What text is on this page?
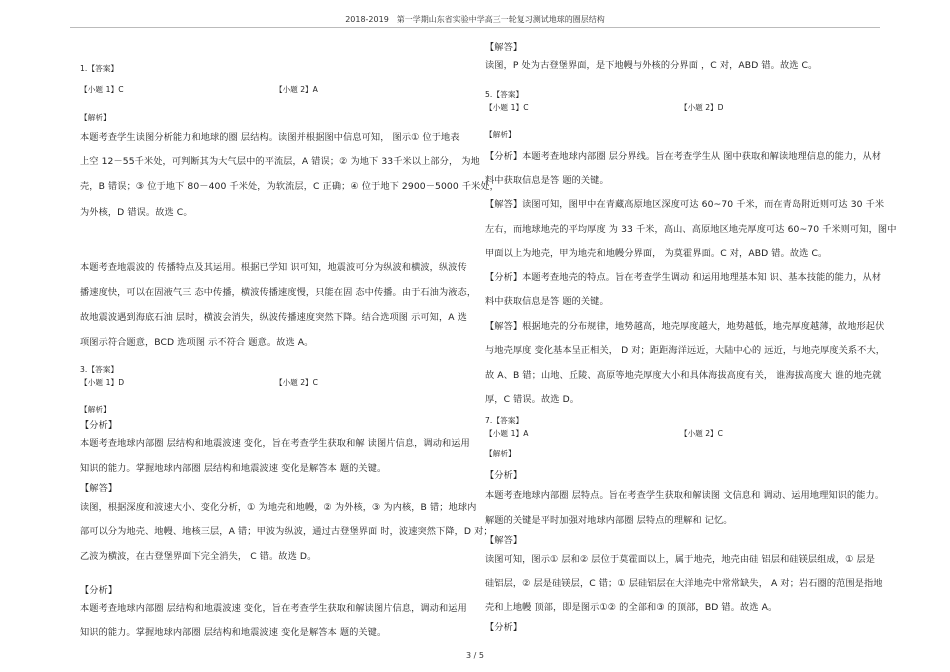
2018-2019　第一学期山东省实验中学高三一轮复习测试地球的圈层结构
1.【答案】
【小题 1】C	【小题 2】A
【解析】
本题考查学生读图分析能力和地球的圈 层结构。读图并根据图中信息可知， 图示① 位于地表
上空 12－55千米处，可判断其为大气层中的平流层，A 错误；② 为地下 33千米以上部分， 为地
壳，B 错误；③ 位于地下 80－400 千米处，为软流层，C 正确；④ 位于地下 2900－5000 千米处，
为外核，D 错误。故选 C。
本题考查地震波的 传播特点及其运用。根据已学知 识可知，地震波可分为纵波和横波，纵波传
播速度快，可以在固液气三 态中传播，横波传播速度慢，只能在固 态中传播。由于石油为液态，
故地震波遇到海底石油 层时，横波会消失，纵波传播速度突然下降。结合选项图 示可知，A 选
项图示符合题意，BCD 选项图 示不符合 题意。故选 A。
3.【答案】
【小题 1】D	【小题 2】C
【解析】
【分析】
本题考查地球内部圈 层结构和地震波速 变化，旨在考查学生获取和解 读图片信息，调动和运用
知识的能力。掌握地球内部圈 层结构和地震波速 变化是解答本 题的关键。
【解答】
读图，根据深度和波速大小、变化分析，① 为地壳和地幔，② 为外核，③ 为内核，B 错；地球内
部可以分为地壳、地幔、地核三层，A 错；甲波为纵波，通过古登堡界面 时，波速突然下降，D 对；
乙波为横波，在古登堡界面下完全消失， C 错。故选 D。
【分析】
本题考查地球内部圈 层结构和地震波速 变化，旨在考查学生获取和解读图片信息，调动和运用
知识的能力。掌握地球内部圈 层结构和地震波速 变化是解答本 题的关键。
【解答】
读图，P 处为古登堡界面，是下地幔与外核的分界面 ，C 对，ABD 错。故选 C。
5.【答案】
【小题 1】C	【小题 2】D
【解析】
【分析】本题考查地球内部圈 层分界线。旨在考查学生从 图中获取和解读地理信息的能力，从材
料中获取信息是答 题的关键。
【解答】读图可知，图甲中在青藏高原地区深度可达 60~70 千米，而在青岛附近则可达 30 千米
左右，而地球地壳的平均厚度 为 33 千米，高山、高原地区地壳厚度可达 60~70 千米则可知，图中
甲面以上为地壳，甲为地壳和地幔分界面， 为莫霍界面。C 对，ABD 错。故选 C。
【分析】本题考查地壳的特点。旨在考查学生调动 和运用地理基本知 识、基本技能的能力，从材
料中获取信息是答 题的关键。
【解答】根据地壳的分布规律，地势越高，地壳厚度越大，地势越低，地壳厚度越薄，故地形起伏
与地壳厚度 变化基本呈正相关， D 对；距距海洋远近，大陆中心的 远近，与地壳厚度关系不大，
故 A、B 错；山地、丘陵、高原等地壳厚度大小和具体海拔高度有关， 谁海拔高度大 谁的地壳就
厚，C 错误。故选 D。
7.【答案】
【小题 1】A	【小题 2】C
【解析】
【分析】
本题考查地球内部圈 层特点。旨在考查学生获取和解读图 文信息和 调动、运用地理知识的能力。
解题的关键是平时加强对地球内部圈 层特点的理解和 记忆。
【解答】
读图可知，图示① 层和② 层位于莫霍面以上，属于地壳，地壳由硅 铝层和硅镁层组成，① 层是
硅铝层，② 层是硅镁层，C 错；① 层硅铝层在大洋地壳中常常缺失， A 对；岩石圈的范围是指地
壳和上地幔 顶部，即是图示①② 的全部和③ 的顶部，BD 错。故选 A。
【分析】
3 / 5
